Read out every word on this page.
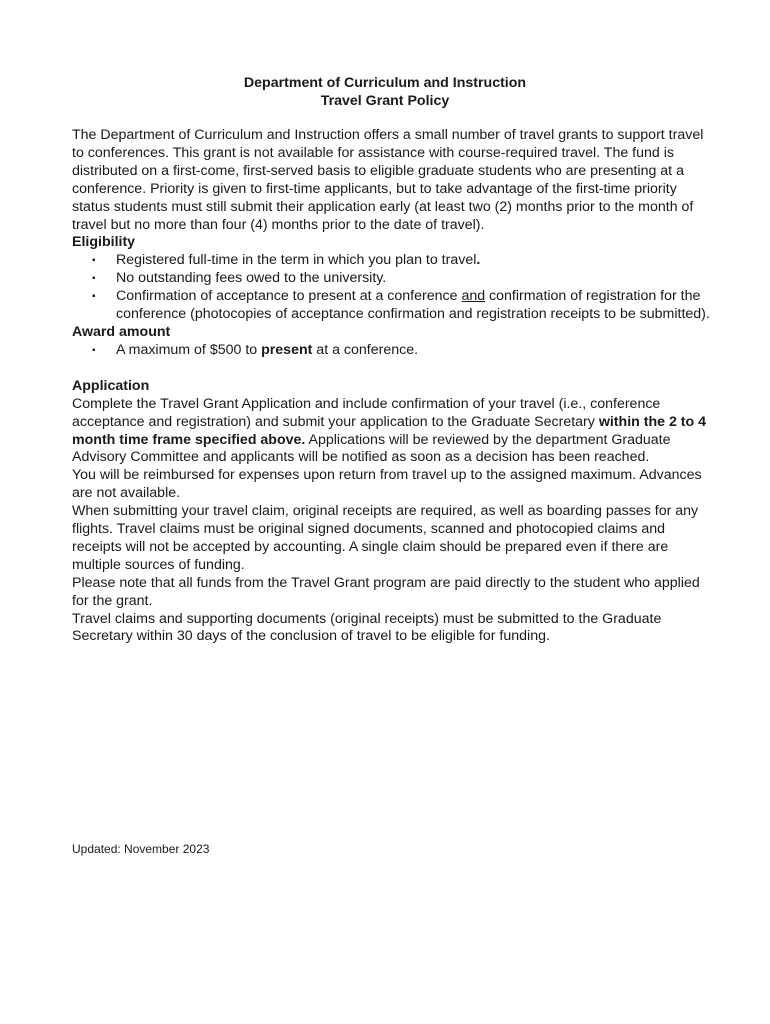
Department of Curriculum and Instruction
Travel Grant Policy

The Department of Curriculum and Instruction offers a small number of travel grants to support travel to conferences. This grant is not available for assistance with course-required travel. The fund is distributed on a first-come, first-served basis to eligible graduate students who are presenting at a conference. Priority is given to first-time applicants, but to take advantage of the first-time priority status students must still submit their application early (at least two (2) months prior to the month of travel but no more than four (4) months prior to the date of travel).

Eligibility
▪ Registered full-time in the term in which you plan to travel.
▪ No outstanding fees owed to the university.
▪ Confirmation of acceptance to present at a conference and confirmation of registration for the conference (photocopies of acceptance confirmation and registration receipts to be submitted).
Award amount
▪ A maximum of $500 to present at a conference.
Application

Complete the Travel Grant Application and include confirmation of your travel (i.e., conference acceptance and registration) and submit your application to the Graduate Secretary within the 2 to 4 month time frame specified above. Applications will be reviewed by the department Graduate Advisory Committee and applicants will be notified as soon as a decision has been reached.

You will be reimbursed for expenses upon return from travel up to the assigned maximum. Advances are not available.

When submitting your travel claim, original receipts are required, as well as boarding passes for any flights. Travel claims must be original signed documents, scanned and photocopied claims and receipts will not be accepted by accounting. A single claim should be prepared even if there are multiple sources of funding.

Please note that all funds from the Travel Grant program are paid directly to the student who applied for the grant.

Travel claims and supporting documents (original receipts) must be submitted to the Graduate Secretary within 30 days of the conclusion of travel to be eligible for funding.

Updated: November 2023
